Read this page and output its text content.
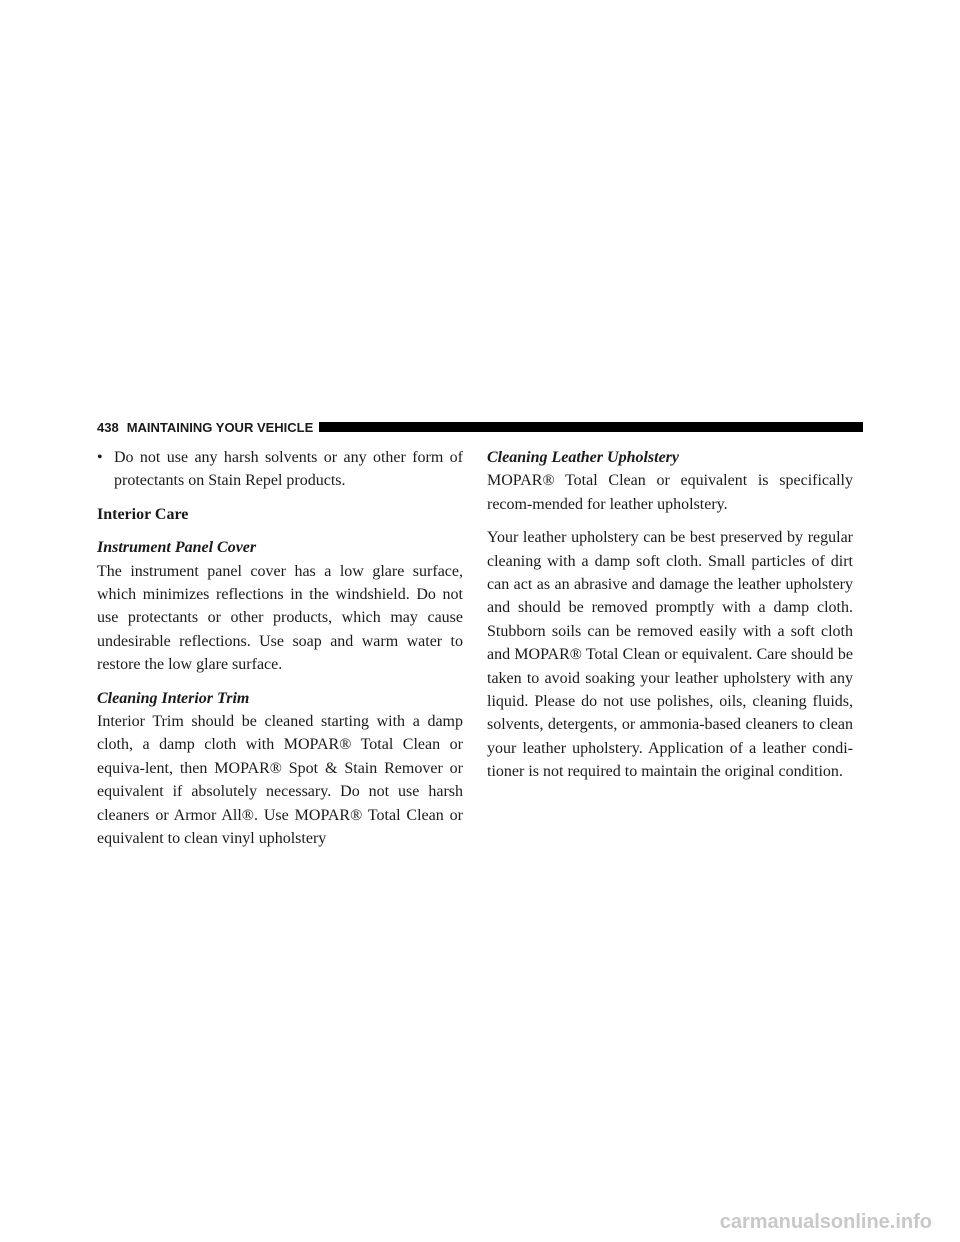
438 MAINTAINING YOUR VEHICLE
• Do not use any harsh solvents or any other form of protectants on Stain Repel products.

Interior Care

Instrument Panel Cover

The instrument panel cover has a low glare surface, which minimizes reflections in the windshield. Do not use protectants or other products, which may cause undesirable reflections. Use soap and warm water to restore the low glare surface.

Cleaning Interior Trim

Interior Trim should be cleaned starting with a damp cloth, a damp cloth with MOPAR® Total Clean or equiva-lent, then MOPAR® Spot & Stain Remover or equivalent if absolutely necessary. Do not use harsh cleaners or Armor All®. Use MOPAR® Total Clean or equivalent to clean vinyl upholstery

Cleaning Leather Upholstery

MOPAR® Total Clean or equivalent is specifically recom-mended for leather upholstery.

Your leather upholstery can be best preserved by regular cleaning with a damp soft cloth. Small particles of dirt can act as an abrasive and damage the leather upholstery and should be removed promptly with a damp cloth. Stubborn soils can be removed easily with a soft cloth and MOPAR® Total Clean or equivalent. Care should be taken to avoid soaking your leather upholstery with any liquid. Please do not use polishes, oils, cleaning fluids, solvents, detergents, or ammonia-based cleaners to clean your leather upholstery. Application of a leather condi-tioner is not required to maintain the original condition.

carmanualsonline.info
